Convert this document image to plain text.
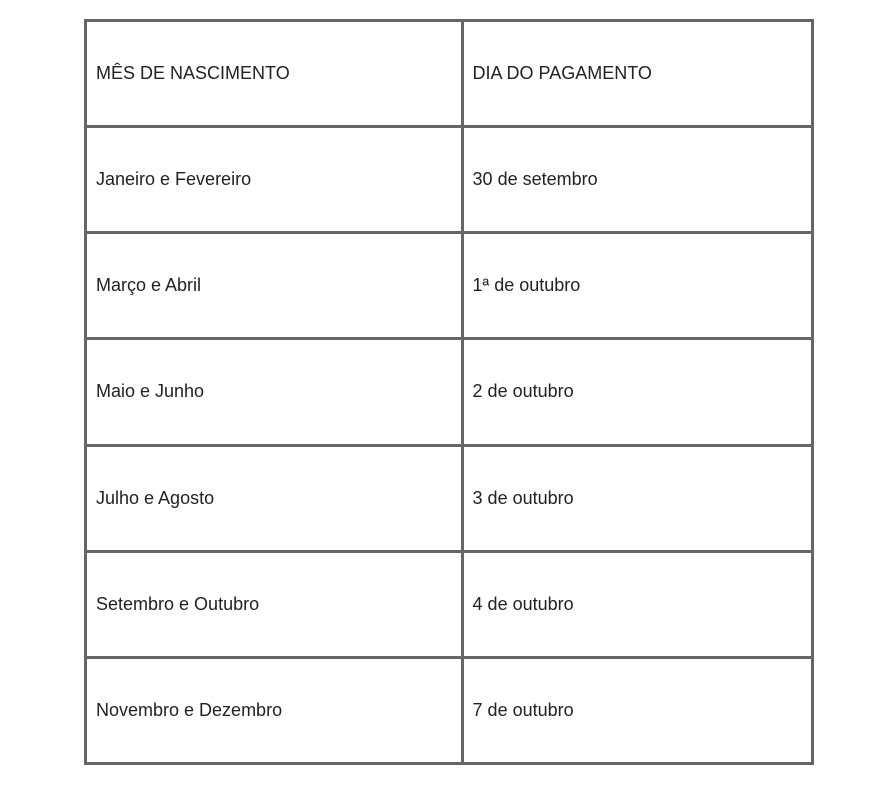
MÊS DE NASCIMENTO	DIA DO PAGAMENTO
Janeiro e Fevereiro	30 de setembro
Março e Abril	1ª de outubro
Maio e Junho	2 de outubro
Julho e Agosto	3 de outubro
Setembro e Outubro	4 de outubro
Novembro e Dezembro	7 de outubro
